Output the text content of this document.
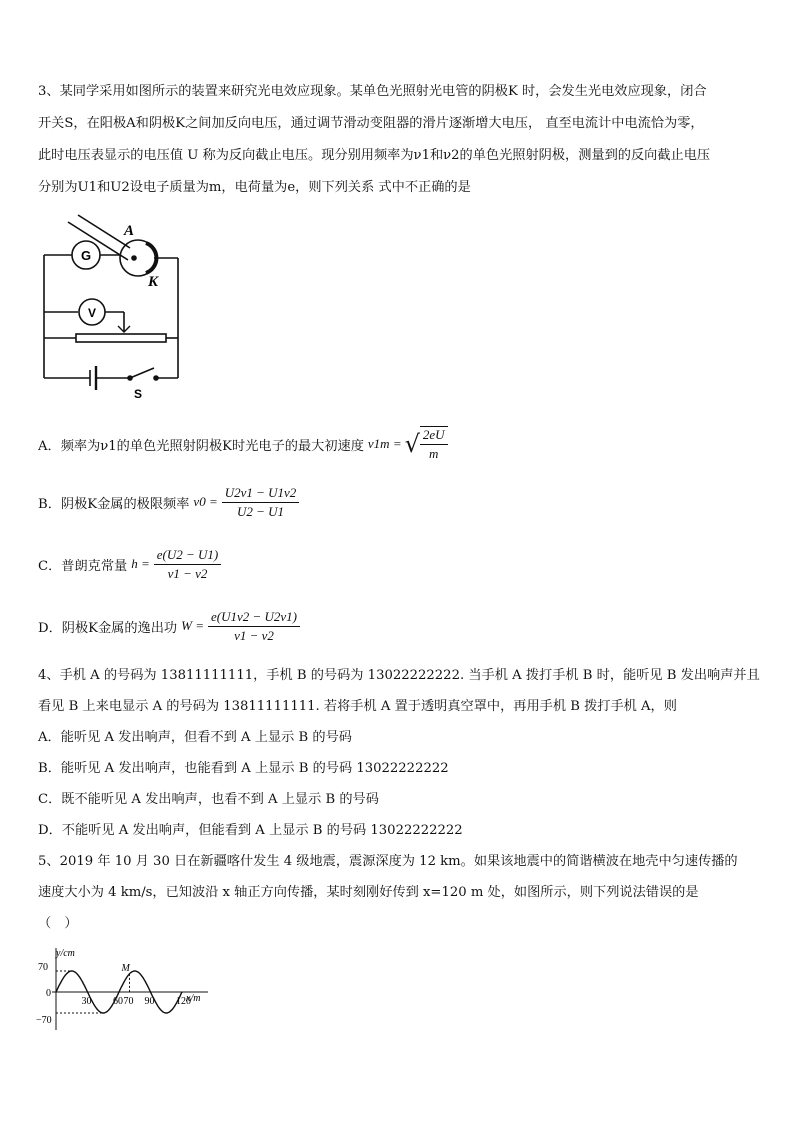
3、某同学采用如图所示的装置来研究光电效应现象。某单色光照射光电管的阴极K 时，会发生光电效应现象，闭合
开关S，在阳极A和阴极K之间加反向电压，通过调节滑动变阻器的滑片逐渐增大电压， 直至电流计中电流恰为零，
此时电压表显示的电压值 U 称为反向截止电压。现分别用频率为ν1和ν2的单色光照射阴极，测量到的反向截止电压
分别为U1和U2设电子质量为m，电荷量为e，则下列关系 式中不正确的是
G
V
A
K
S
A．频率为ν1的单色光照射阴极K时光电子的最大初速度 v1m = √ $\frac{2eU}{m}$
B．阴极K金属的极限频率 $\nu 0 = \frac{U2\nu 1 - U1\nu 2}{U2 - U1}$
C．普朗克常量 $h = \frac{e(U2 - U1)}{\nu 1 - \nu 2}$
D．阴极K金属的逸出功 $W = \frac{e(U1\nu 2 - U2\nu 1)}{\nu 1 - \nu 2}$
4、手机 A 的号码为 13811111111，手机 B 的号码为 13022222222. 当手机 A 拨打手机 B 时，能听见 B 发出响声并且
看见 B 上来电显示 A 的号码为 13811111111. 若将手机 A 置于透明真空罩中，再用手机 B 拨打手机 A，则
A．能听见 A 发出响声，但看不到 A 上显示 B 的号码
B．能听见 A 发出响声，也能看到 A 上显示 B 的号码 13022222222
C．既不能听见 A 发出响声，也看不到 A 上显示 B 的号码
D．不能听见 A 发出响声，但能看到 A 上显示 B 的号码 13022222222
5、2019 年 10 月 30 日在新疆喀什发生 4 级地震，震源深度为 12 km。如果该地震中的简谐横波在地壳中匀速传播的
速度大小为 4 km/s，已知波沿 x 轴正方向传播，某时刻刚好传到 x=120 m 处，如图所示，则下列说法错误的是
（　）
30 60 70 90 120
y/cm
x/m
70
0
−70
M
